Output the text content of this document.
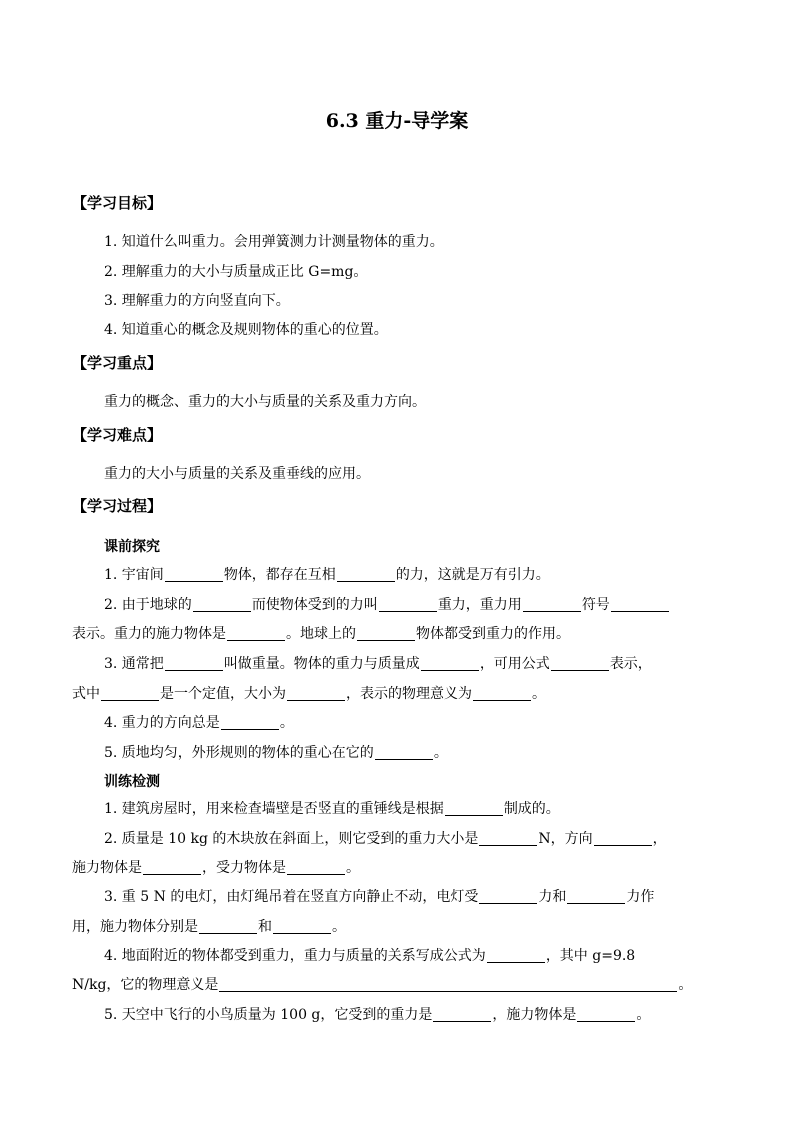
6.3 重力-导学案
【学习目标】
1. 知道什么叫重力。会用弹簧测力计测量物体的重力。
2. 理解重力的大小与质量成正比 G=mg。
3. 理解重力的方向竖直向下。
4. 知道重心的概念及规则物体的重心的位置。
【学习重点】
重力的概念、重力的大小与质量的关系及重力方向。
【学习难点】
重力的大小与质量的关系及重垂线的应用。
【学习过程】
课前探究
1. 宇宙间	物体，都存在互相	的力，这就是万有引力。
2. 由于地球的	而使物体受到的力叫	重力，重力用	符号
表示。重力的施力物体是	。地球上的	物体都受到重力的作用。
3. 通常把	叫做重量。物体的重力与质量成	，可用公式	表示，
式中	是一个定值，大小为	，表示的物理意义为	。
4. 重力的方向总是	。
5. 质地均匀，外形规则的物体的重心在它的	。
训练检测
1. 建筑房屋时，用来检查墙壁是否竖直的重锤线是根据	制成的。
2. 质量是 10 kg 的木块放在斜面上，则它受到的重力大小是	N，方向	，
施力物体是	，受力物体是	。
3. 重 5 N 的电灯，由灯绳吊着在竖直方向静止不动，电灯受	力和	力作
用，施力物体分别是	和	。
4. 地面附近的物体都受到重力，重力与质量的关系写成公式为	，其中 g=9.8
N/kg，它的物理意义是	。
5. 天空中飞行的小鸟质量为 100 g，它受到的重力是	，施力物体是	。
